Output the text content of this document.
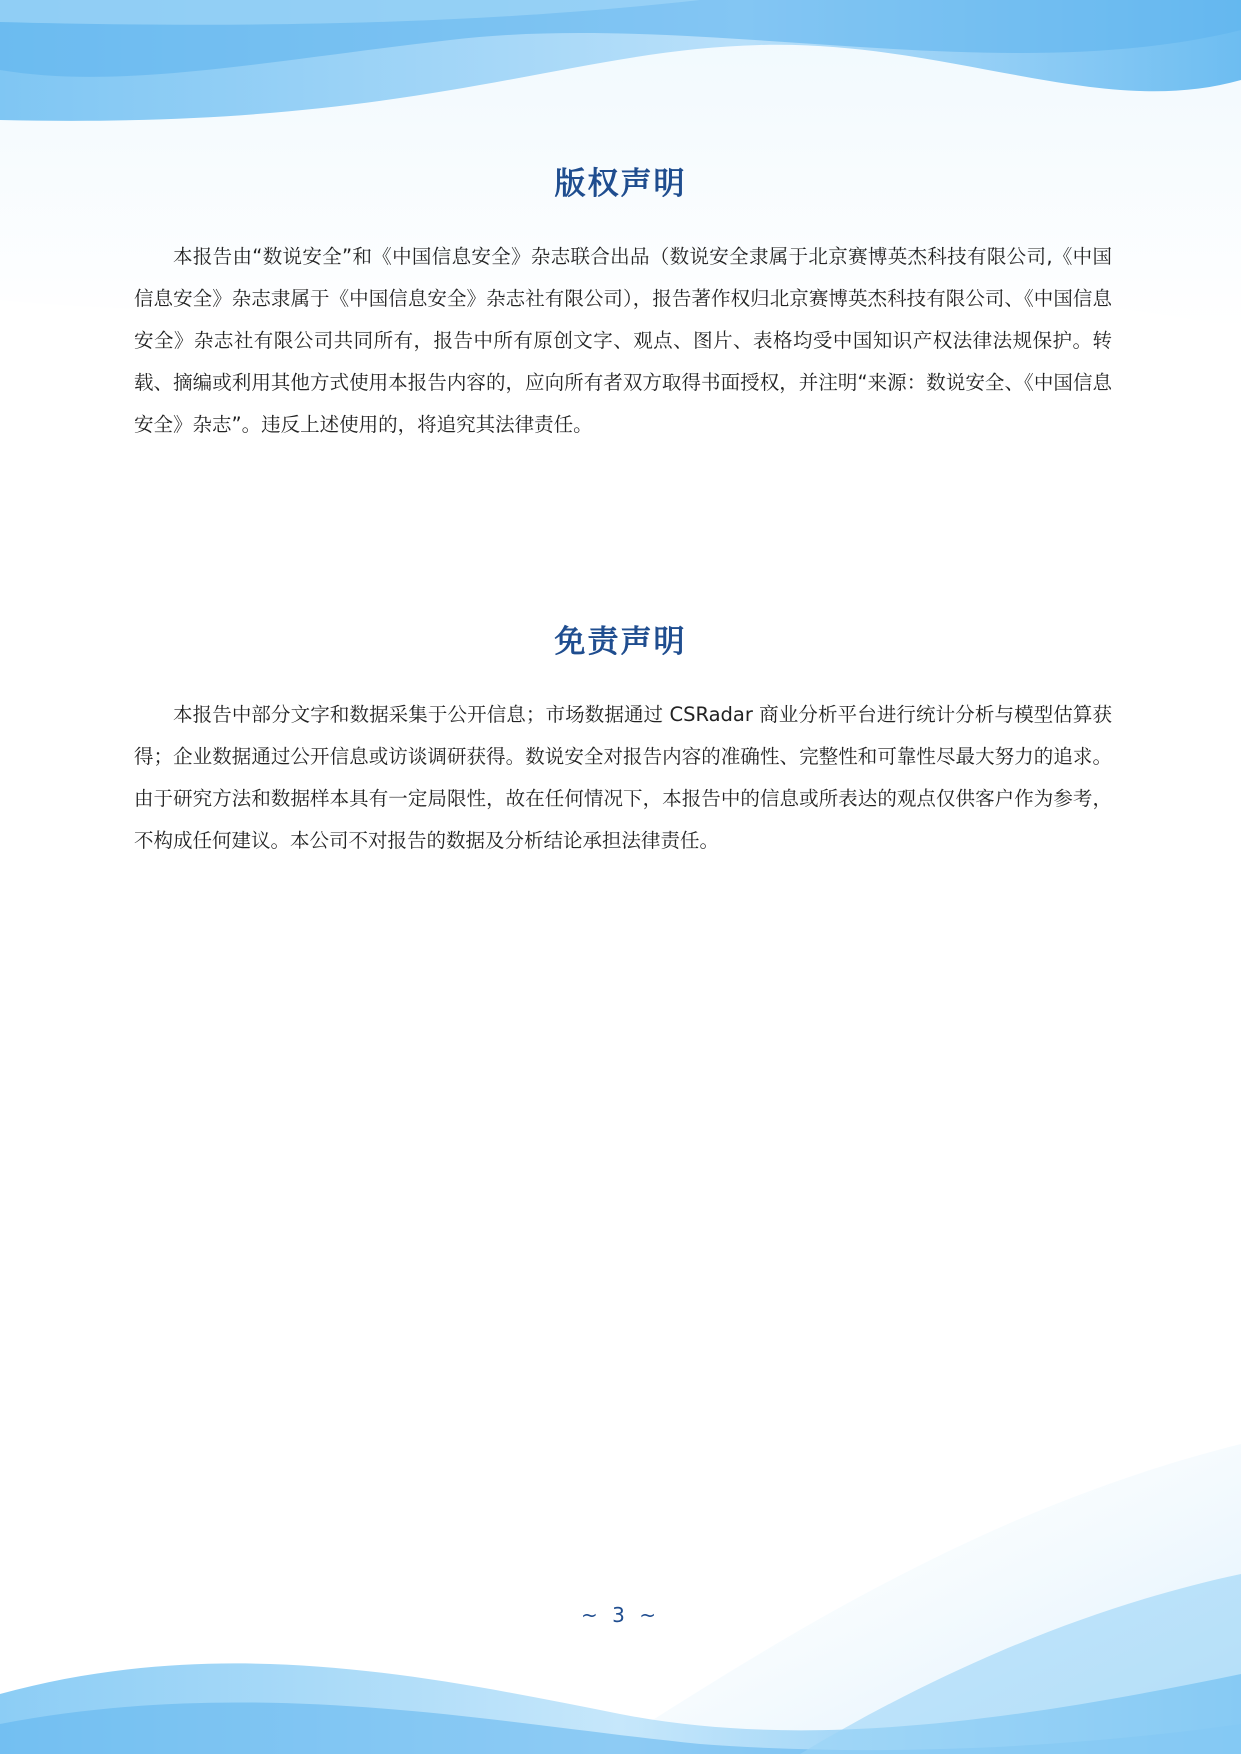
版权声明

本报告由“数说安全”和《中国信息安全》杂志联合出品（数说安全隶属于北京赛博英杰科技有限公司,《中国信息安全》杂志隶属于《中国信息安全》杂志社有限公司），报告著作权归北京赛博英杰科技有限公司、《中国信息安全》杂志社有限公司共同所有，报告中所有原创文字、观点、图片、表格均受中国知识产权法律法规保护。转载、摘编或利用其他方式使用本报告内容的，应向所有者双方取得书面授权，并注明“来源：数说安全、《中国信息安全》杂志”。违反上述使用的，将追究其法律责任。

免责声明

本报告中部分文字和数据采集于公开信息；市场数据通过 CSRadar 商业分析平台进行统计分析与模型估算获得；企业数据通过公开信息或访谈调研获得。数说安全对报告内容的准确性、完整性和可靠性尽最大努力的追求。由于研究方法和数据样本具有一定局限性，故在任何情况下，本报告中的信息或所表达的观点仅供客户作为参考，不构成任何建议。本公司不对报告的数据及分析结论承担法律责任。

~ 3 ~
